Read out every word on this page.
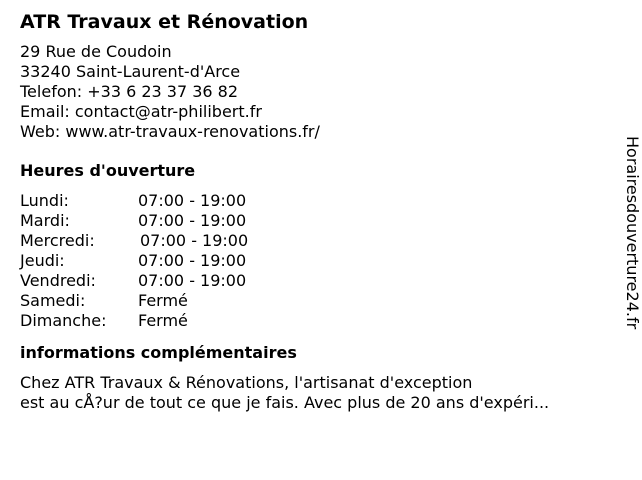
ATR Travaux et Rénovation
29 Rue de Coudoin
33240 Saint-Laurent-d'Arce
Telefon: +33 6 23 37 36 82
Email: contact@atr-philibert.fr
Web: www.atr-travaux-renovations.fr/
Heures d'ouverture
Lundi:	07:00 - 19:00
Mardi:	07:00 - 19:00
Mercredi:	07:00 - 19:00
Jeudi:	07:00 - 19:00
Vendredi:	07:00 - 19:00
Samedi:	Fermé
Dimanche:	Fermé
informations complémentaires
Chez ATR Travaux & Rénovations, l'artisanat d'exception
est au cÅ?ur de tout ce que je fais. Avec plus de 20 ans d'expéri...
Horairesdouverture24.fr
